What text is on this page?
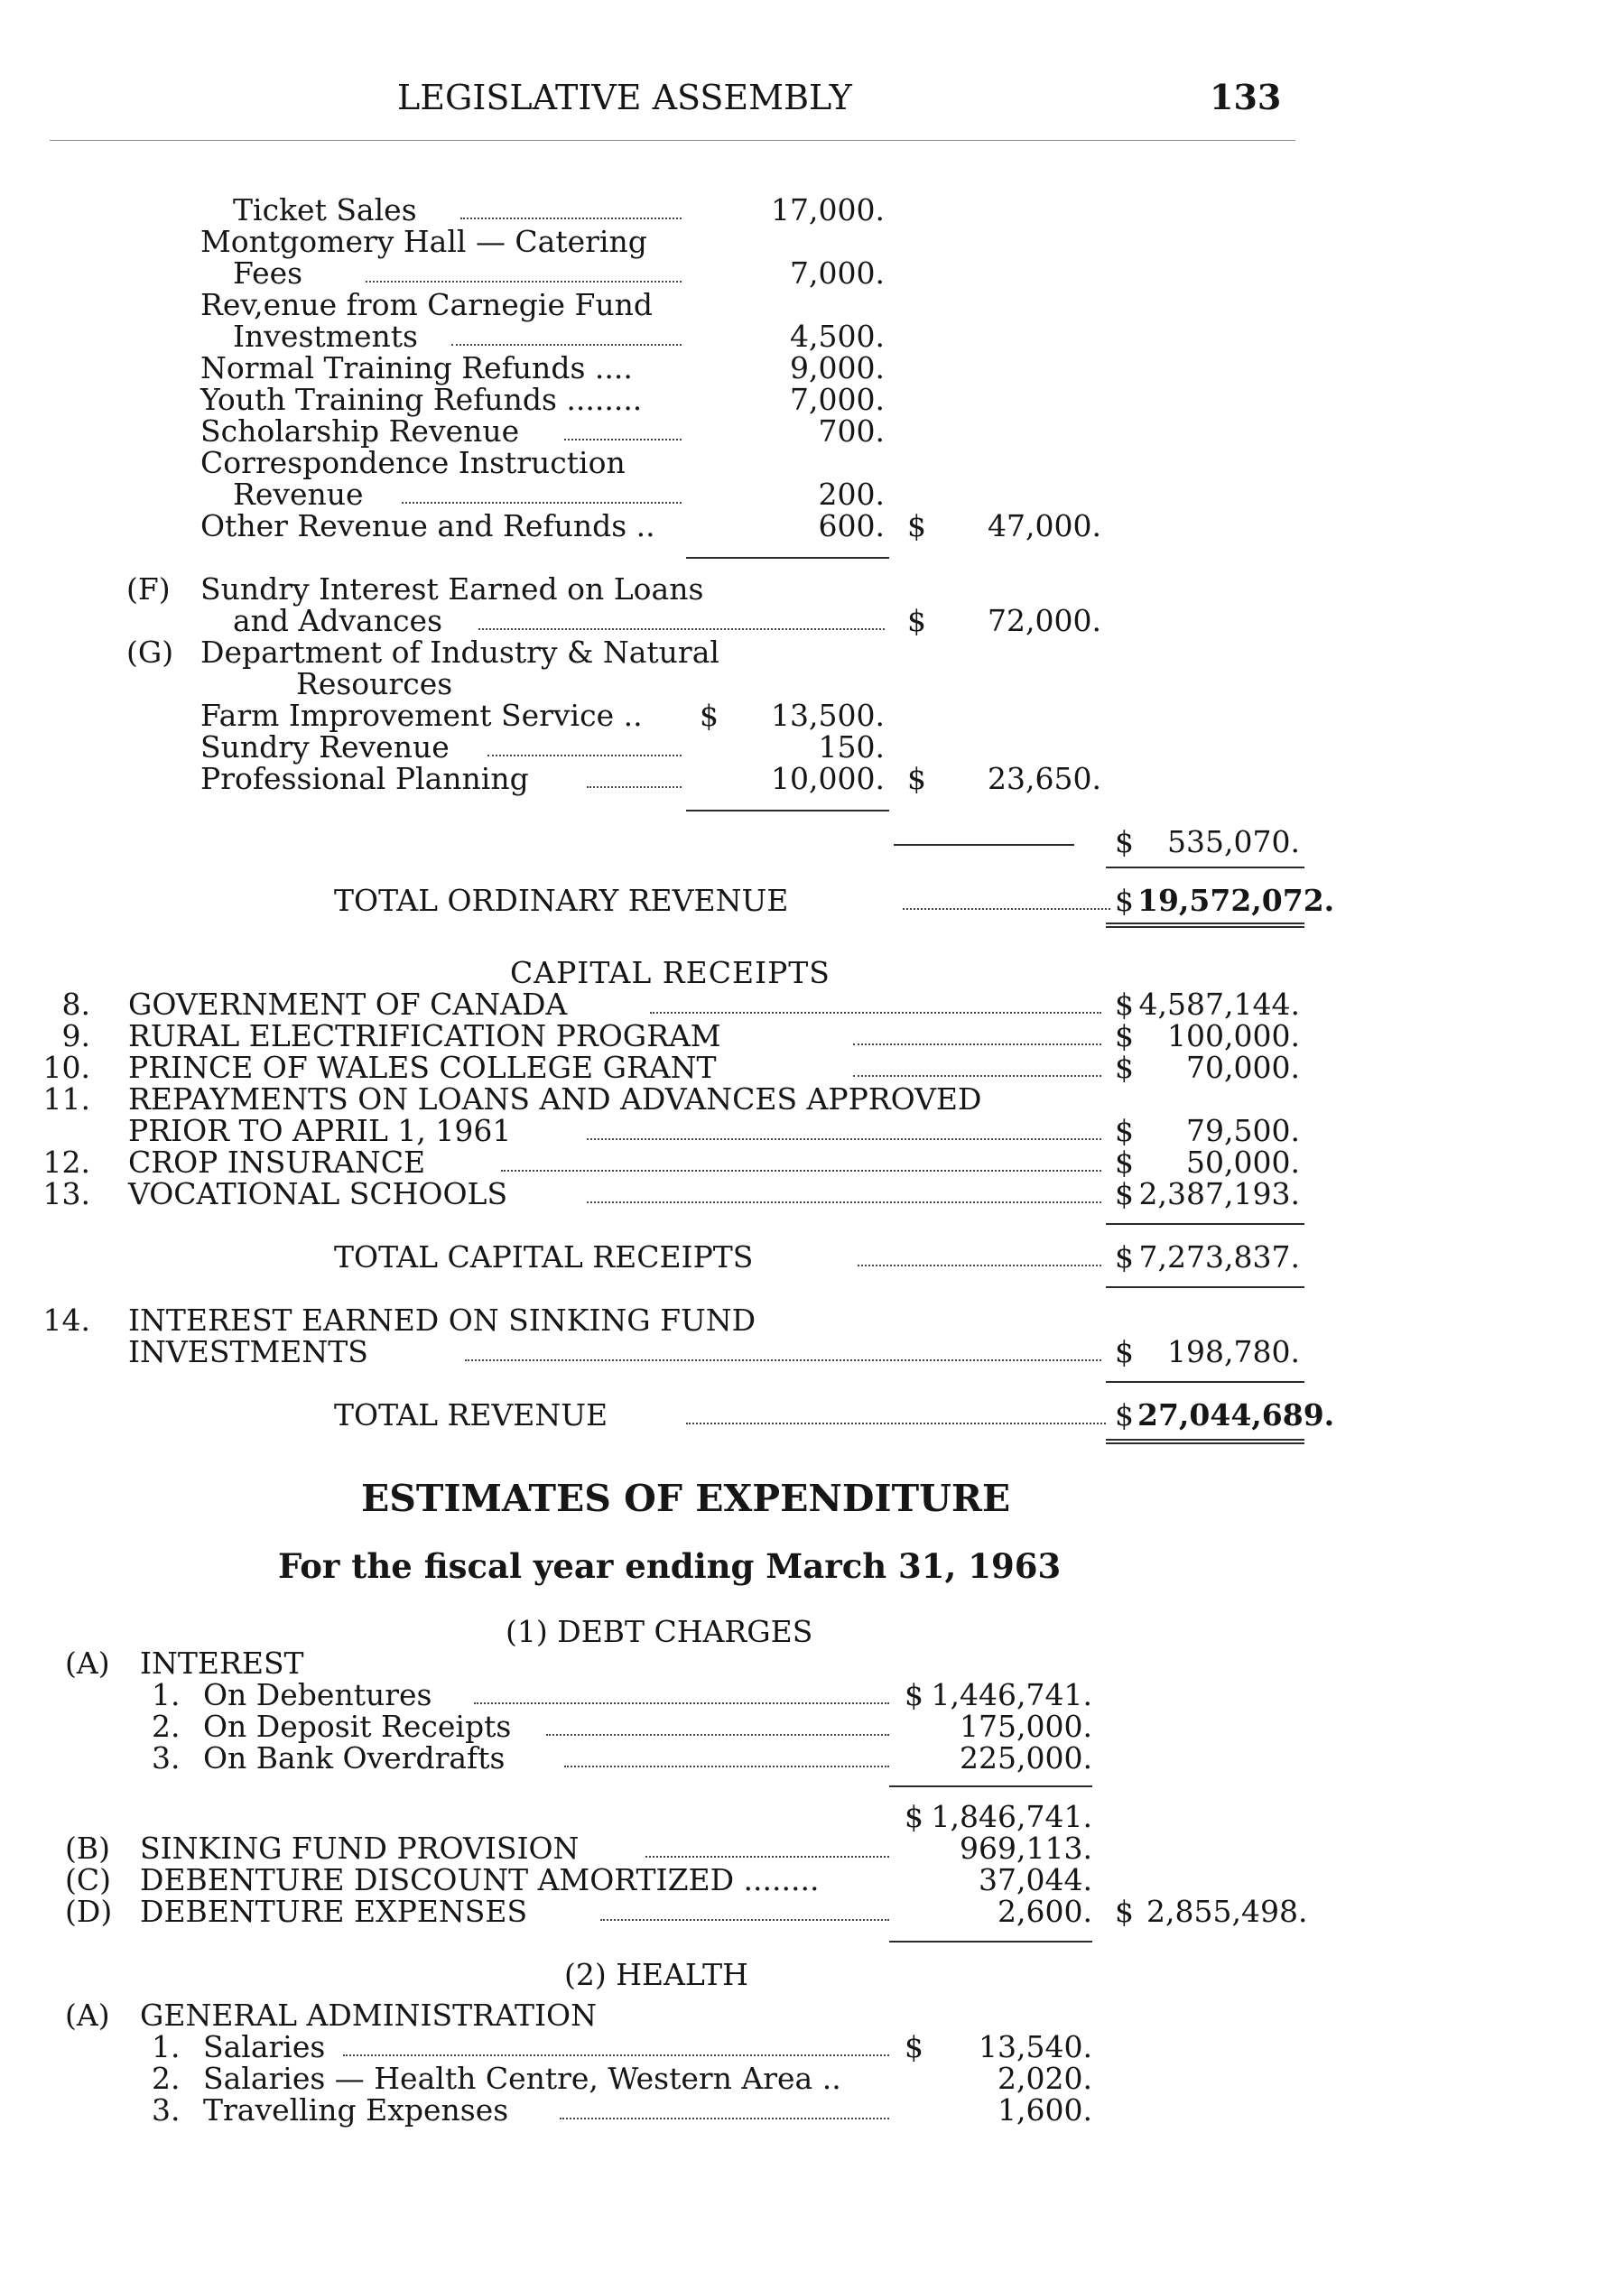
LEGISLATIVE ASSEMBLY	133
Ticket Sales	17,000.
Montgomery Hall — Catering
Fees	7,000.
Rev,enue from Carnegie Fund
Investments	4,500.
Normal Training Refunds ....	9,000.
Youth Training Refunds ........	7,000.
Scholarship Revenue	700.
Correspondence Instruction
Revenue	200.
Other Revenue and Refunds ..	600. $	47,000.
(F) Sundry Interest Earned on Loans
and Advances	$	72,000.
(G) Department of Industry & Natural
Resources
Farm Improvement Service .. $	13,500.
Sundry Revenue	150.
Professional Planning	10,000. $	23,650.
$	535,070.
TOTAL ORDINARY REVENUE	$ 19,572,072.
CAPITAL RECEIPTS
8. GOVERNMENT OF CANADA	$ 4,587,144.
9. RURAL ELECTRIFICATION PROGRAM	$	100,000.
10. PRINCE OF WALES COLLEGE GRANT	$	70,000.
11. REPAYMENTS ON LOANS AND ADVANCES APPROVED
PRIOR TO APRIL 1, 1961	$	79,500.
12. CROP INSURANCE	$	50,000.
13. VOCATIONAL SCHOOLS	$ 2,387,193.
TOTAL CAPITAL RECEIPTS	$ 7,273,837.
14. INTEREST EARNED ON SINKING FUND
INVESTMENTS	$	198,780.
TOTAL REVENUE	$ 27,044,689.
ESTIMATES OF EXPENDITURE
For the fiscal year ending March 31, 1963
(1) DEBT CHARGES
(A) INTEREST
1. On Debentures	$ 1,446,741.
2. On Deposit Receipts	175,000.
3. On Bank Overdrafts	225,000.
$ 1,846,741.
(B) SINKING FUND PROVISION	969,113.
(C) DEBENTURE DISCOUNT AMORTIZED ........	37,044.
(D) DEBENTURE EXPENSES	2,600. $ 2,855,498.
(2) HEALTH
(A) GENERAL ADMINISTRATION
1. Salaries	$	13,540.
2. Salaries — Health Centre, Western Area ..	2,020.
3. Travelling Expenses	1,600.
